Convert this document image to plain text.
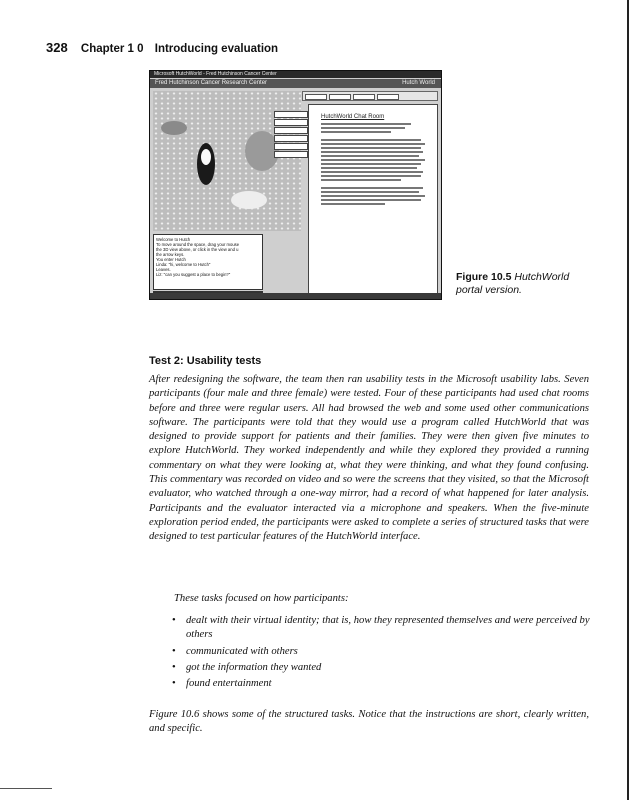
328 Chapter 1 0 Introducing evaluation
Microsoft HutchWorld - Fred Hutchinson Cancer Center
Fred Hutchinson Cancer Research Center	Hutch World
Welcome to Hutch
To move around the space, drag your mouse
the 3D view above, or click in the view and u
the arrow keys.
You enter Hutch
Linda: "hi, welcome to Hutch"
Leaves.
Liz: "can you suggest a place to begin?"
HutchWorld Chat Room
Figure 10.5 HutchWorld portal version.
Test 2: Usability tests
After redesigning the software, the team then ran usability tests in the Microsoft usability labs. Seven participants (four male and three female) were tested. Four of these participants had used chat rooms before and three were regular users. All had browsed the web and some used other communications software. The participants were told that they would use a program called HutchWorld that was designed to provide support for patients and their families. They were then given five minutes to explore HutchWorld. They worked independently and while they explored they provided a running commentary on what they were looking at, what they were thinking, and what they found confusing. This commentary was recorded on video and so were the screens that they visited, so that the Microsoft evaluator, who watched through a one-way mirror, had a record of what happened for later analysis. Participants and the evaluator interacted via a microphone and speakers. When the five-minute exploration period ended, the participants were asked to complete a series of structured tasks that were designed to test particular features of the HutchWorld interface.
These tasks focused on how participants:
• dealt with their virtual identity; that is, how they represented themselves and were perceived by others
• communicated with others
• got the information they wanted
• found entertainment
Figure 10.6 shows some of the structured tasks. Notice that the instructions are short, clearly written, and specific.
